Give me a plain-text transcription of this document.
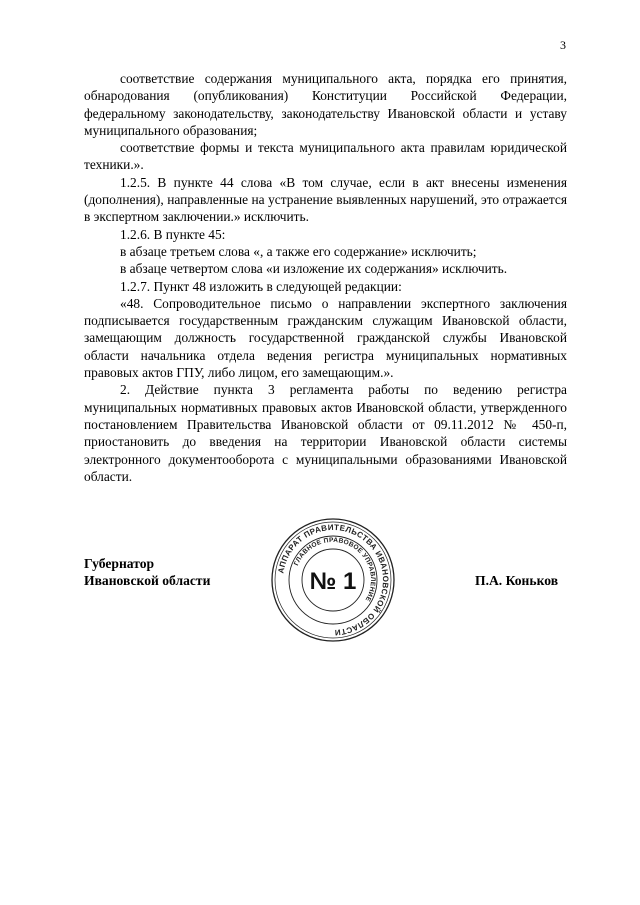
3

соответствие содержания муниципального акта, порядка его принятия, обнародования (опубликования) Конституции Российской Федерации, федеральному законодательству, законодательству Ивановской области и уставу муниципального образования;

соответствие формы и текста муниципального акта правилам юридической техники.».

1.2.5. В пункте 44 слова «В том случае, если в акт внесены изменения (дополнения), направленные на устранение выявленных нарушений, это отражается в экспертном заключении.» исключить.

1.2.6. В пункте 45:

в абзаце третьем слова «, а также его содержание» исключить;

в абзаце четвертом слова «и изложение их содержания» исключить.

1.2.7. Пункт 48 изложить в следующей редакции:

«48. Сопроводительное письмо о направлении экспертного заключения подписывается государственным гражданским служащим Ивановской области, замещающим должность государственной гражданской службы Ивановской области начальника отдела ведения регистра муниципальных нормативных правовых актов ГПУ, либо лицом, его замещающим.».

2. Действие пункта 3 регламента работы по ведению регистра муниципальных нормативных правовых актов Ивановской области, утвержденного постановлением Правительства Ивановской области от 09.11.2012 № 450-п, приостановить до введения на территории Ивановской области системы электронного документооборота с муниципальными образованиями Ивановской области.

Губернатор
Ивановской области
АППАРАТ ПРАВИТЕЛЬСТВА ИВАНОВСКОЙ ОБЛАСТИ
ГЛАВНОЕ ПРАВОВОЕ УПРАВЛЕНИЕ
№ 1	П.А. Коньков
